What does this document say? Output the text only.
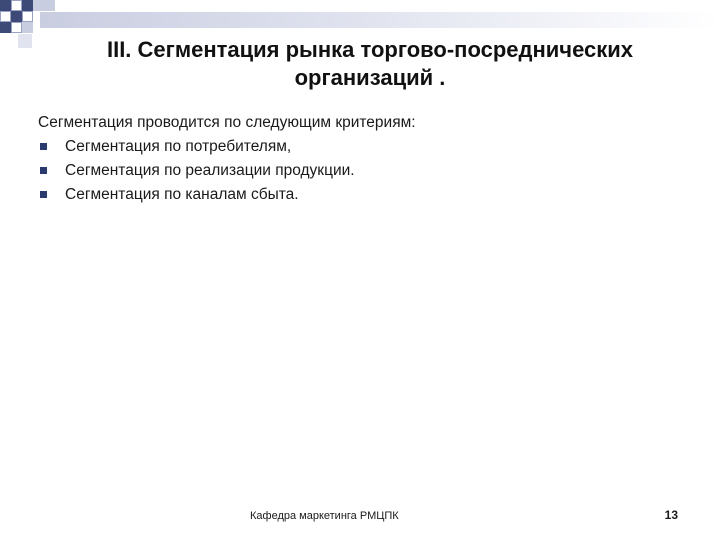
III. Сегментация рынка торгово-посреднических
организаций .

Сегментация проводится по следующим критериям:

Сегментация по потребителям,
Сегментация по реализации продукции.
Сегментация по каналам сбыта.
Кафедра маркетинга РМЦПК	13
